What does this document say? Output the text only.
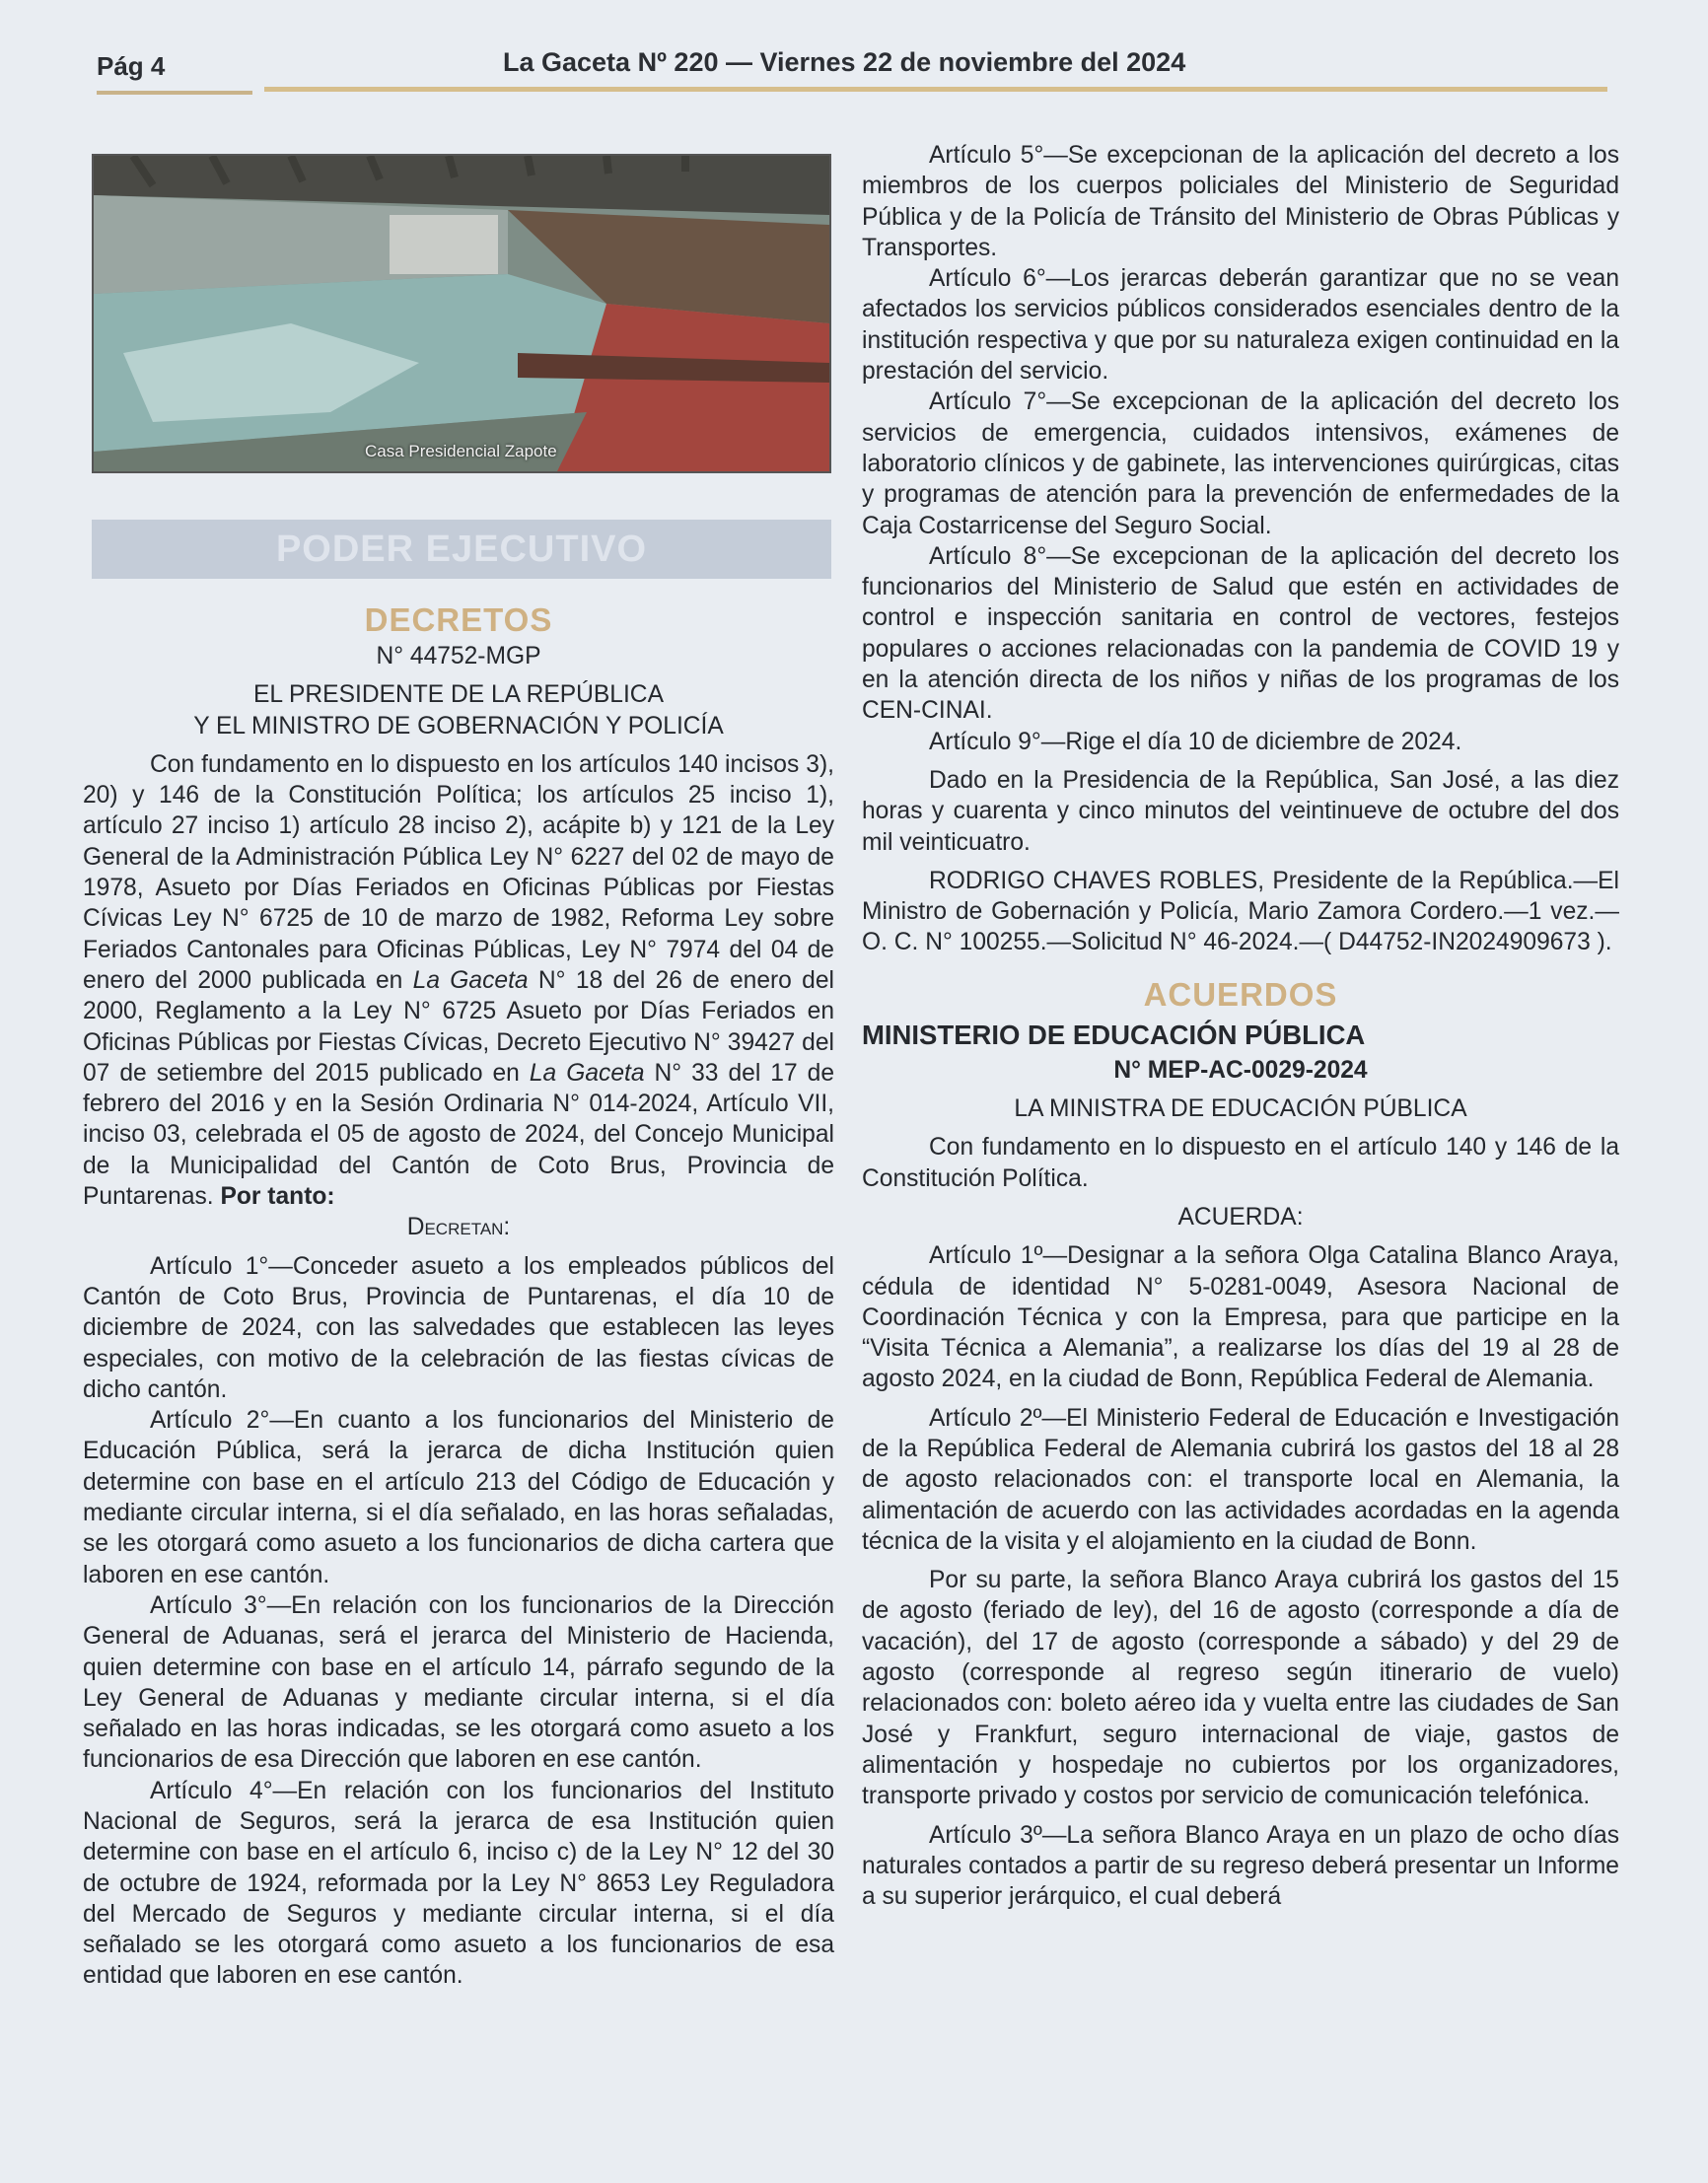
Pág 4	La Gaceta Nº 220 — Viernes 22 de noviembre del 2024
Casa Presidencial Zapote
PODER EJECUTIVO
DECRETOS

N° 44752-MGP

EL PRESIDENTE DE LA REPÚBLICA

Y EL MINISTRO DE GOBERNACIÓN Y POLICÍA

Con fundamento en lo dispuesto en los artículos 140 incisos 3), 20) y 146 de la Constitución Política; los artículos 25 inciso 1), artículo 27 inciso 1) artículo 28 inciso 2), acápite b) y 121 de la Ley General de la Administración Pública Ley N° 6227 del 02 de mayo de 1978, Asueto por Días Feriados en Oficinas Públicas por Fiestas Cívicas Ley N° 6725 de 10 de marzo de 1982, Reforma Ley sobre Feriados Cantonales para Oficinas Públicas, Ley N° 7974 del 04 de enero del 2000 publicada en La Gaceta N° 18 del 26 de enero del 2000, Reglamento a la Ley N° 6725 Asueto por Días Feriados en Oficinas Públicas por Fiestas Cívicas, Decreto Ejecutivo N° 39427 del 07 de setiembre del 2015 publicado en La Gaceta N° 33 del 17 de febrero del 2016 y en la Sesión Ordinaria N° 014-2024, Artículo VII, inciso 03, celebrada el 05 de agosto de 2024, del Concejo Municipal de la Municipalidad del Cantón de Coto Brus, Provincia de Puntarenas. Por tanto:

Decretan:

Artículo 1°—Conceder asueto a los empleados públicos del Cantón de Coto Brus, Provincia de Puntarenas, el día 10 de diciembre de 2024, con las salvedades que establecen las leyes especiales, con motivo de la celebración de las fiestas cívicas de dicho cantón.

Artículo 2°—En cuanto a los funcionarios del Ministerio de Educación Pública, será la jerarca de dicha Institución quien determine con base en el artículo 213 del Código de Educación y mediante circular interna, si el día señalado, en las horas señaladas, se les otorgará como asueto a los funcionarios de dicha cartera que laboren en ese cantón.

Artículo 3°—En relación con los funcionarios de la Dirección General de Aduanas, será el jerarca del Ministerio de Hacienda, quien determine con base en el artículo 14, párrafo segundo de la Ley General de Aduanas y mediante circular interna, si el día señalado en las horas indicadas, se les otorgará como asueto a los funcionarios de esa Dirección que laboren en ese cantón.

Artículo 4°—En relación con los funcionarios del Instituto Nacional de Seguros, será la jerarca de esa Institución quien determine con base en el artículo 6, inciso c) de la Ley N° 12 del 30 de octubre de 1924, reformada por la Ley N° 8653 Ley Reguladora del Mercado de Seguros y mediante circular interna, si el día señalado se les otorgará como asueto a los funcionarios de esa entidad que laboren en ese cantón.

Artículo 5°—Se excepcionan de la aplicación del decreto a los miembros de los cuerpos policiales del Ministerio de Seguridad Pública y de la Policía de Tránsito del Ministerio de Obras Públicas y Transportes.

Artículo 6°—Los jerarcas deberán garantizar que no se vean afectados los servicios públicos considerados esenciales dentro de la institución respectiva y que por su naturaleza exigen continuidad en la prestación del servicio.

Artículo 7°—Se excepcionan de la aplicación del decreto los servicios de emergencia, cuidados intensivos, exámenes de laboratorio clínicos y de gabinete, las intervenciones quirúrgicas, citas y programas de atención para la prevención de enfermedades de la Caja Costarricense del Seguro Social.

Artículo 8°—Se excepcionan de la aplicación del decreto los funcionarios del Ministerio de Salud que estén en actividades de control e inspección sanitaria en control de vectores, festejos populares o acciones relacionadas con la pandemia de COVID 19 y en la atención directa de los niños y niñas de los programas de los CEN-CINAI.

Artículo 9°—Rige el día 10 de diciembre de 2024.

Dado en la Presidencia de la República, San José, a las diez horas y cuarenta y cinco minutos del veintinueve de octubre del dos mil veinticuatro.

RODRIGO CHAVES ROBLES, Presidente de la República.—El Ministro de Gobernación y Policía, Mario Zamora Cordero.—1 vez.—O. C. N° 100255.—Solicitud N° 46-2024.—( D44752-IN2024909673 ).

ACUERDOS

MINISTERIO DE EDUCACIÓN PÚBLICA

N° MEP-AC-0029-2024

LA MINISTRA DE EDUCACIÓN PÚBLICA

Con fundamento en lo dispuesto en el artículo 140 y 146 de la Constitución Política.

ACUERDA:

Artículo 1º—Designar a la señora Olga Catalina Blanco Araya, cédula de identidad N° 5-0281-0049, Asesora Nacional de Coordinación Técnica y con la Empresa, para que participe en la “Visita Técnica a Alemania”, a realizarse los días del 19 al 28 de agosto 2024, en la ciudad de Bonn, República Federal de Alemania.

Artículo 2º—El Ministerio Federal de Educación e Investigación de la República Federal de Alemania cubrirá los gastos del 18 al 28 de agosto relacionados con: el transporte local en Alemania, la alimentación de acuerdo con las actividades acordadas en la agenda técnica de la visita y el alojamiento en la ciudad de Bonn.

Por su parte, la señora Blanco Araya cubrirá los gastos del 15 de agosto (feriado de ley), del 16 de agosto (corresponde a día de vacación), del 17 de agosto (corresponde a sábado) y del 29 de agosto (corresponde al regreso según itinerario de vuelo) relacionados con: boleto aéreo ida y vuelta entre las ciudades de San José y Frankfurt, seguro internacional de viaje, gastos de alimentación y hospedaje no cubiertos por los organizadores, transporte privado y costos por servicio de comunicación telefónica.

Artículo 3º—La señora Blanco Araya en un plazo de ocho días naturales contados a partir de su regreso deberá presentar un Informe a su superior jerárquico, el cual deberá
